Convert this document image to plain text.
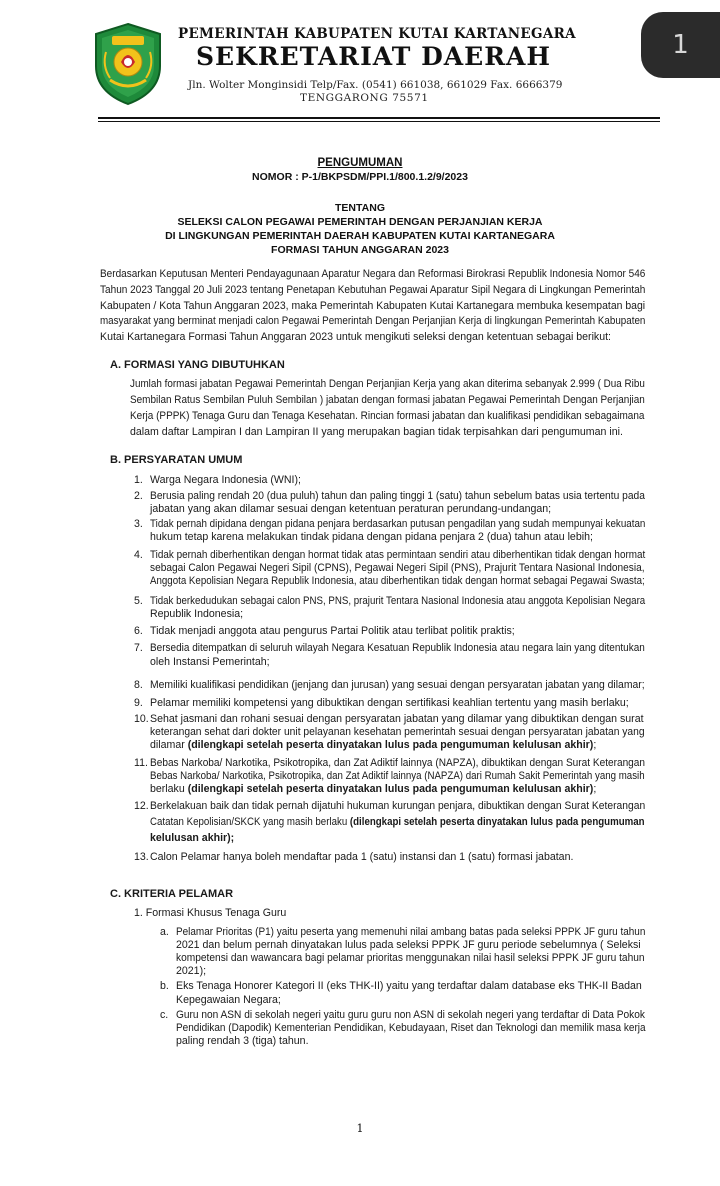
1
PEMERINTAH KABUPATEN KUTAI KARTANEGARA
SEKRETARIAT DAERAH
Jln. Wolter Monginsidi Telp/Fax. (0541) 661038, 661029 Fax. 6666379
TENGGARONG 75571
PENGUMUMAN
NOMOR : P-1/BKPSDM/PPI.1/800.1.2/9/2023
TENTANG
SELEKSI CALON PEGAWAI PEMERINTAH DENGAN PERJANJIAN KERJA
DI LINGKUNGAN PEMERINTAH DAERAH KABUPATEN KUTAI KARTANEGARA
FORMASI TAHUN ANGGARAN 2023
Berdasarkan Keputusan Menteri Pendayagunaan Aparatur Negara dan Reformasi Birokrasi Republik Indonesia Nomor 546
Tahun 2023 Tanggal 20 Juli 2023 tentang Penetapan Kebutuhan Pegawai Aparatur Sipil Negara di Lingkungan Pemerintah
Kabupaten / Kota Tahun Anggaran 2023, maka Pemerintah Kabupaten Kutai Kartanegara membuka kesempatan bagi
masyarakat yang berminat menjadi calon Pegawai Pemerintah Dengan Perjanjian Kerja di lingkungan Pemerintah Kabupaten
Kutai Kartanegara Formasi Tahun Anggaran 2023 untuk mengikuti seleksi dengan ketentuan sebagai berikut:
A. FORMASI YANG DIBUTUHKAN
Jumlah formasi jabatan Pegawai Pemerintah Dengan Perjanjian Kerja yang akan diterima sebanyak 2.999 ( Dua Ribu
Sembilan Ratus Sembilan Puluh Sembilan ) jabatan dengan formasi jabatan Pegawai Pemerintah Dengan Perjanjian
Kerja (PPPK) Tenaga Guru dan Tenaga Kesehatan. Rincian formasi jabatan dan kualifikasi pendidikan sebagaimana
dalam daftar Lampiran I dan Lampiran II yang merupakan bagian tidak terpisahkan dari pengumuman ini.
B. PERSYARATAN UMUM
1. Warga Negara Indonesia (WNI);
2. Berusia paling rendah 20 (dua puluh) tahun dan paling tinggi 1 (satu) tahun sebelum batas usia tertentu pada
jabatan yang akan dilamar sesuai dengan ketentuan peraturan perundang-undangan;
3. Tidak pernah dipidana dengan pidana penjara berdasarkan putusan pengadilan yang sudah mempunyai kekuatan
hukum tetap karena melakukan tindak pidana dengan pidana penjara 2 (dua) tahun atau lebih;
4. Tidak pernah diberhentikan dengan hormat tidak atas permintaan sendiri atau diberhentikan tidak dengan hormat
sebagai Calon Pegawai Negeri Sipil (CPNS), Pegawai Negeri Sipil (PNS), Prajurit Tentara Nasional Indonesia,
Anggota Kepolisian Negara Republik Indonesia, atau diberhentikan tidak dengan hormat sebagai Pegawai Swasta;
5. Tidak berkedudukan sebagai calon PNS, PNS, prajurit Tentara Nasional Indonesia atau anggota Kepolisian Negara
Republik Indonesia;
6. Tidak menjadi anggota atau pengurus Partai Politik atau terlibat politik praktis;
7. Bersedia ditempatkan di seluruh wilayah Negara Kesatuan Republik Indonesia atau negara lain yang ditentukan
oleh Instansi Pemerintah;
8. Memiliki kualifikasi pendidikan (jenjang dan jurusan) yang sesuai dengan persyaratan jabatan yang dilamar;
9. Pelamar memiliki kompetensi yang dibuktikan dengan sertifikasi keahlian tertentu yang masih berlaku;
10. Sehat jasmani dan rohani sesuai dengan persyaratan jabatan yang dilamar yang dibuktikan dengan surat
keterangan sehat dari dokter unit pelayanan kesehatan pemerintah sesuai dengan persyaratan jabatan yang
dilamar (dilengkapi setelah peserta dinyatakan lulus pada pengumuman kelulusan akhir);
11. Bebas Narkoba/ Narkotika, Psikotropika, dan Zat Adiktif lainnya (NAPZA), dibuktikan dengan Surat Keterangan
Bebas Narkoba/ Narkotika, Psikotropika, dan Zat Adiktif lainnya (NAPZA) dari Rumah Sakit Pemerintah yang masih
berlaku (dilengkapi setelah peserta dinyatakan lulus pada pengumuman kelulusan akhir);
12. Berkelakuan baik dan tidak pernah dijatuhi hukuman kurungan penjara, dibuktikan dengan Surat Keterangan
Catatan Kepolisian/SKCK yang masih berlaku (dilengkapi setelah peserta dinyatakan lulus pada pengumuman
kelulusan akhir);
13. Calon Pelamar hanya boleh mendaftar pada 1 (satu) instansi dan 1 (satu) formasi jabatan.
C. KRITERIA PELAMAR
1. Formasi Khusus Tenaga Guru
a. Pelamar Prioritas (P1) yaitu peserta yang memenuhi nilai ambang batas pada seleksi PPPK JF guru tahun
2021 dan belum pernah dinyatakan lulus pada seleksi PPPK JF guru periode sebelumnya ( Seleksi
kompetensi dan wawancara bagi pelamar prioritas menggunakan nilai hasil seleksi PPPK JF guru tahun
2021);
b. Eks Tenaga Honorer Kategori II (eks THK-II) yaitu yang terdaftar dalam database eks THK-II Badan
Kepegawaian Negara;
c. Guru non ASN di sekolah negeri yaitu guru guru non ASN di sekolah negeri yang terdaftar di Data Pokok
Pendidikan (Dapodik) Kementerian Pendidikan, Kebudayaan, Riset dan Teknologi dan memilik masa kerja
paling rendah 3 (tiga) tahun.
1
